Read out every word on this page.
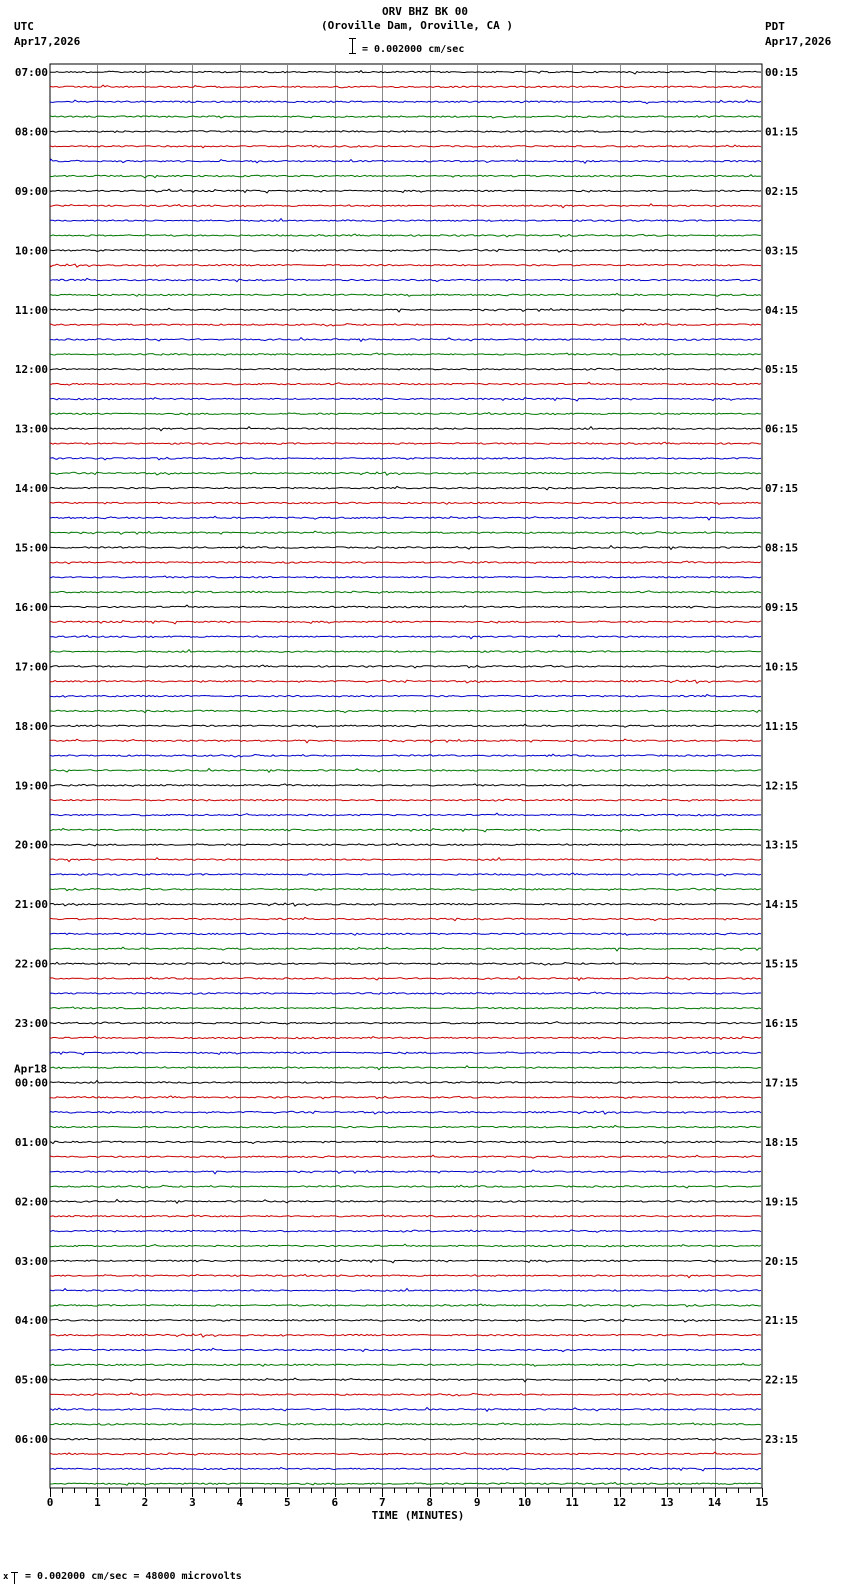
ORV BHZ BK 00
(Oroville Dam, Oroville, CA )
UTC
Apr17,2026
PDT
Apr17,2026
= 0.002000 cm/sec
x = 0.002000 cm/sec = 48000 microvolts
0	1	2	3	4	5	6	7	8	9	10	11	12	13	14	15
TIME (MINUTES)
07:00	00:15
08:00	01:15
09:00	02:15
10:00	03:15
11:00	04:15
12:00	05:15
13:00	06:15
14:00	07:15
15:00	08:15
16:00	09:15
17:00	10:15
18:00	11:15
19:00	12:15
20:00	13:15
21:00	14:15
22:00	15:15
23:00	16:15
00:00	17:15
Apr18
01:00	18:15
02:00	19:15
03:00	20:15
04:00	21:15
05:00	22:15
06:00	23:15
